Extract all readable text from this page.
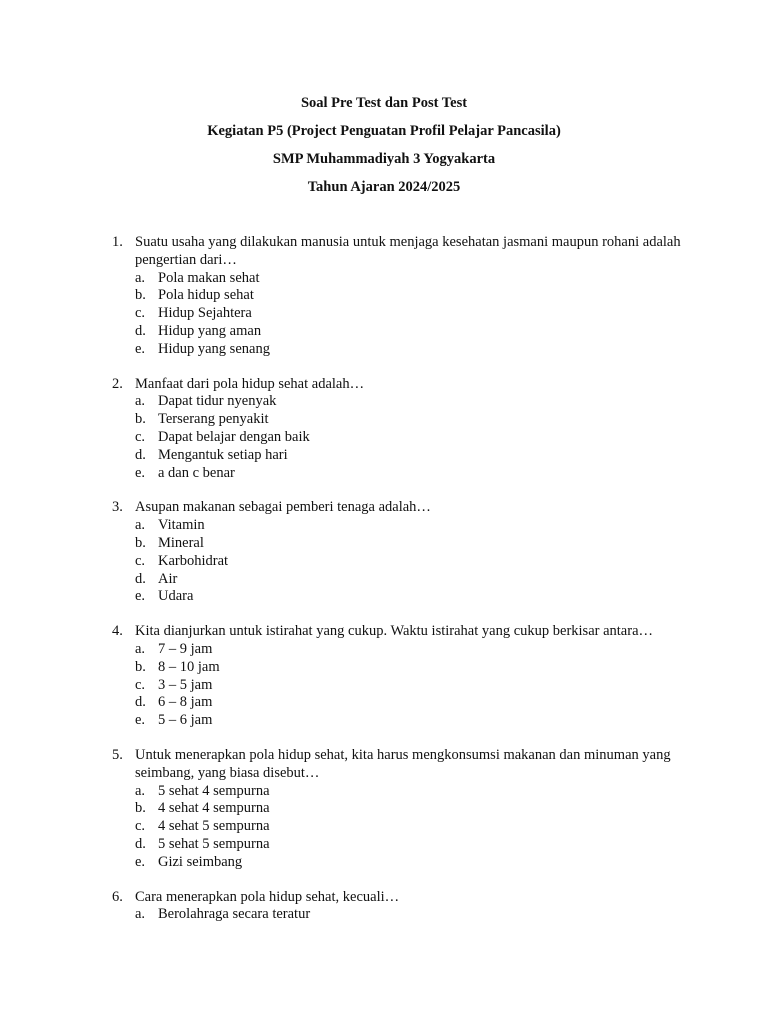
Soal Pre Test dan Post Test
Kegiatan P5 (Project Penguatan Profil Pelajar Pancasila)
SMP Muhammadiyah 3 Yogyakarta
Tahun Ajaran 2024/2025
1. Suatu usaha yang dilakukan manusia untuk menjaga kesehatan jasmani maupun rohani adalah pengertian dari…
a. Pola makan sehat
b. Pola hidup sehat
c. Hidup Sejahtera
d. Hidup yang aman
e. Hidup yang senang
2. Manfaat dari pola hidup sehat adalah…
a. Dapat tidur nyenyak
b. Terserang penyakit
c. Dapat belajar dengan baik
d. Mengantuk setiap hari
e. a dan c benar
3. Asupan makanan sebagai pemberi tenaga adalah…
a. Vitamin
b. Mineral
c. Karbohidrat
d. Air
e. Udara
4. Kita dianjurkan untuk istirahat yang cukup. Waktu istirahat yang cukup berkisar antara…
a. 7 – 9 jam
b. 8 – 10 jam
c. 3 – 5 jam
d. 6 – 8 jam
e. 5 – 6 jam
5. Untuk menerapkan pola hidup sehat, kita harus mengkonsumsi makanan dan minuman yang seimbang, yang biasa disebut…
a. 5 sehat 4 sempurna
b. 4 sehat 4 sempurna
c. 4 sehat 5 sempurna
d. 5 sehat 5 sempurna
e. Gizi seimbang
6. Cara menerapkan pola hidup sehat, kecuali…
a. Berolahraga secara teratur
